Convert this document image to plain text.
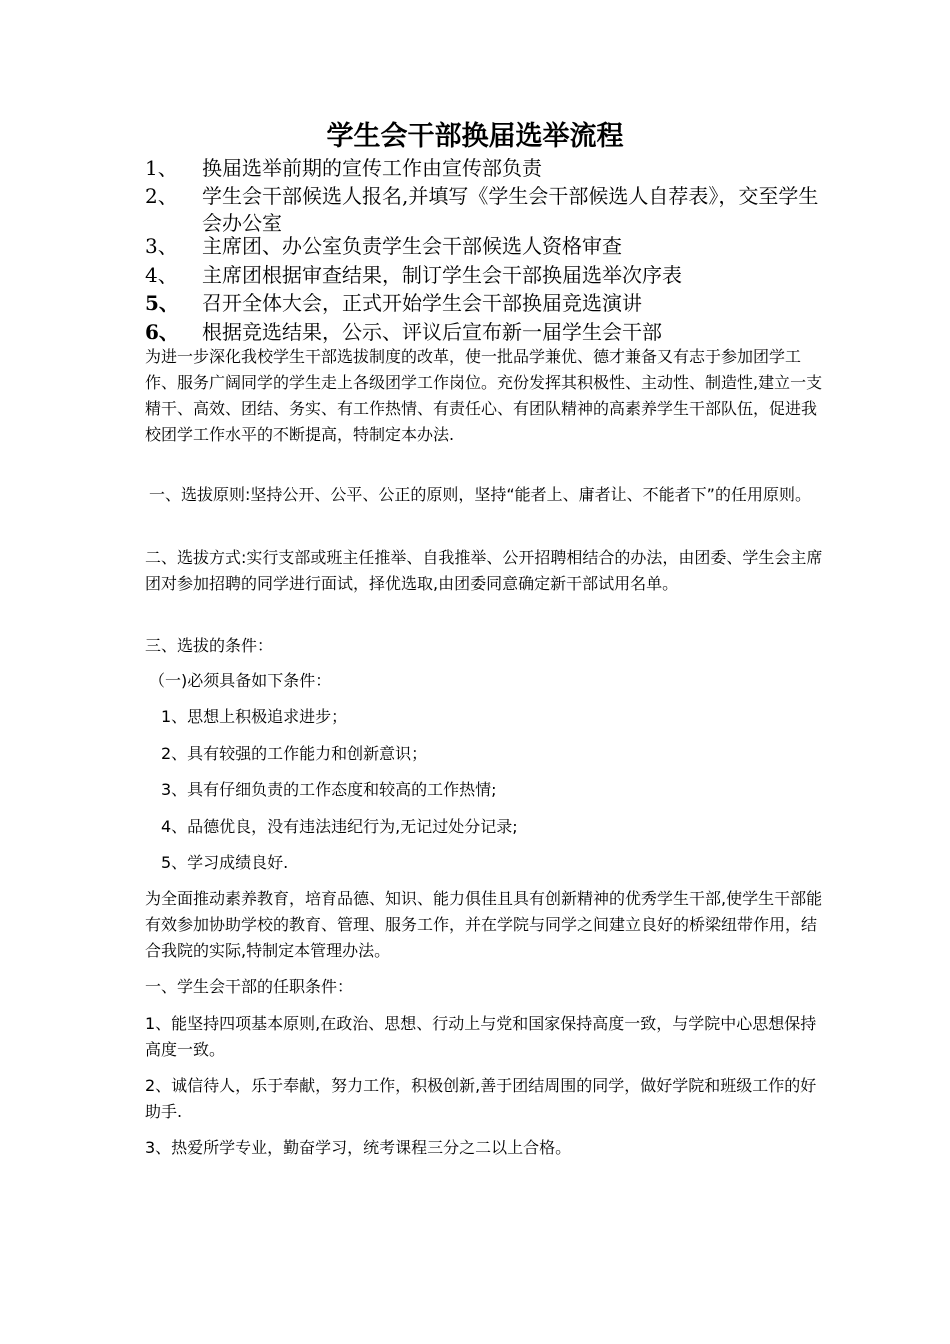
学生会干部换届选举流程
1、	换届选举前期的宣传工作由宣传部负责
2、	学生会干部候选人报名,并填写《学生会干部候选人自荐表》，交至学生会办公室
3、	主席团、办公室负责学生会干部候选人资格审查
4、	主席团根据审查结果，制订学生会干部换届选举次序表
5、	召开全体大会，正式开始学生会干部换届竞选演讲
6、	根据竞选结果，公示、评议后宣布新一届学生会干部
为进一步深化我校学生干部选拔制度的改革，使一批品学兼优、德才兼备又有志于参加团学工作、服务广阔同学的学生走上各级团学工作岗位。充份发挥其积极性、主动性、制造性,建立一支精干、高效、团结、务实、有工作热情、有责任心、有团队精神的高素养学生干部队伍，促进我校团学工作水平的不断提高，特制定本办法.
一、选拔原则:坚持公开、公平、公正的原则，坚持“能者上、庸者让、不能者下”的任用原则。
二、选拔方式:实行支部或班主任推举、自我推举、公开招聘相结合的办法，由团委、学生会主席团对参加招聘的同学进行面试，择优选取,由团委同意确定新干部试用名单。
三、选拔的条件：
（一)必须具备如下条件：
1、思想上积极追求进步；
2、具有较强的工作能力和创新意识；
3、具有仔细负责的工作态度和较高的工作热情;
4、品德优良，没有违法违纪行为,无记过处分记录;
5、学习成绩良好.
为全面推动素养教育，培育品德、知识、能力俱佳且具有创新精神的优秀学生干部,使学生干部能有效参加协助学校的教育、管理、服务工作，并在学院与同学之间建立良好的桥梁纽带作用，结合我院的实际,特制定本管理办法。
一、学生会干部的任职条件：
1、能坚持四项基本原则,在政治、思想、行动上与党和国家保持高度一致，与学院中心思想保持高度一致。
2、诚信待人，乐于奉献，努力工作，积极创新,善于团结周围的同学，做好学院和班级工作的好助手.
3、热爱所学专业，勤奋学习，统考课程三分之二以上合格。
